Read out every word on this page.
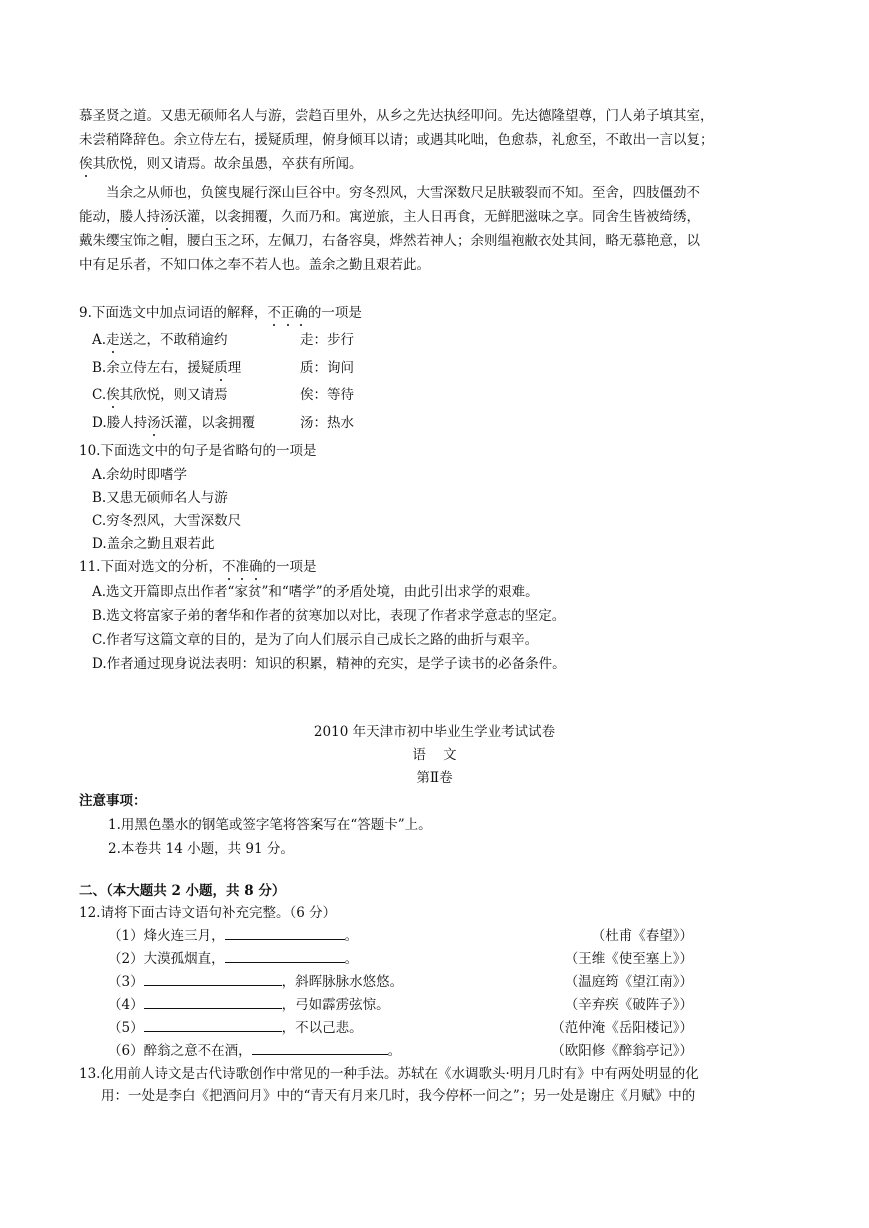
慕圣贤之道。又患无硕师名人与游，尝趋百里外，从乡之先达执经叩问。先达德隆望尊，门人弟子填其室，
未尝稍降辞色。余立侍左右，援疑质理，俯身倾耳以请；或遇其叱咄，色愈恭，礼愈至，不敢出一言以复；
俟其欣悦，则又请焉。故余虽愚，卒获有所闻。
当余之从师也，负箧曳屣行深山巨谷中。穷冬烈风，大雪深数尺足肤皲裂而不知。至舍，四肢僵劲不
能动，媵人持汤沃灌，以衾拥覆，久而乃和。寓逆旅，主人日再食，无鲜肥滋味之享。同舍生皆被绮绣，
戴朱缨宝饰之帽，腰白玉之环，左佩刀，右备容臭，烨然若神人；余则缊袍敝衣处其间，略无慕艳意，以
中有足乐者，不知口体之奉不若人也。盖余之勤且艰若此。
9.下面选文中加点词语的解释，不正确的一项是
A.走送之，不敢稍逾约	走：步行
B.余立侍左右，援疑质理	质：询问
C.俟其欣悦，则又请焉	俟：等待
D.媵人持汤沃灌，以衾拥覆	汤：热水
10.下面选文中的句子是省略句的一项是
A.余幼时即嗜学
B.又患无硕师名人与游
C.穷冬烈风，大雪深数尺
D.盖余之勤且艰若此
11.下面对选文的分析，不准确的一项是
A.选文开篇即点出作者“家贫”和“嗜学”的矛盾处境，由此引出求学的艰难。
B.选文将富家子弟的奢华和作者的贫寒加以对比，表现了作者求学意志的坚定。
C.作者写这篇文章的目的，是为了向人们展示自己成长之路的曲折与艰辛。
D.作者通过现身说法表明：知识的积累，精神的充实，是学子读书的必备条件。
2010 年天津市初中毕业生学业考试试卷
语    文
第Ⅱ卷
注意事项：
1.用黑色墨水的钢笔或签字笔将答案写在“答题卡”上。
2.本卷共 14 小题，共 91 分。
二、（本大题共 2 小题，共 8 分）
12.请将下面古诗文语句补充完整。（6 分）
（1）烽火连三月，	。	（杜甫《春望》）
（2）大漠孤烟直，	。	（王维《使至塞上》）
（3）	，斜晖脉脉水悠悠。	（温庭筠《望江南》）
（4）	，弓如霹雳弦惊。	（辛弃疾《破阵子》）
（5）	，不以己悲。	（范仲淹《岳阳楼记》）
（6）醉翁之意不在酒，	。	（欧阳修《醉翁亭记》）
13.化用前人诗文是古代诗歌创作中常见的一种手法。苏轼在《水调歌头·明月几时有》中有两处明显的化
用：一处是李白《把酒问月》中的“青天有月来几时，我今停杯一问之”；另一处是谢庄《月赋》中的
